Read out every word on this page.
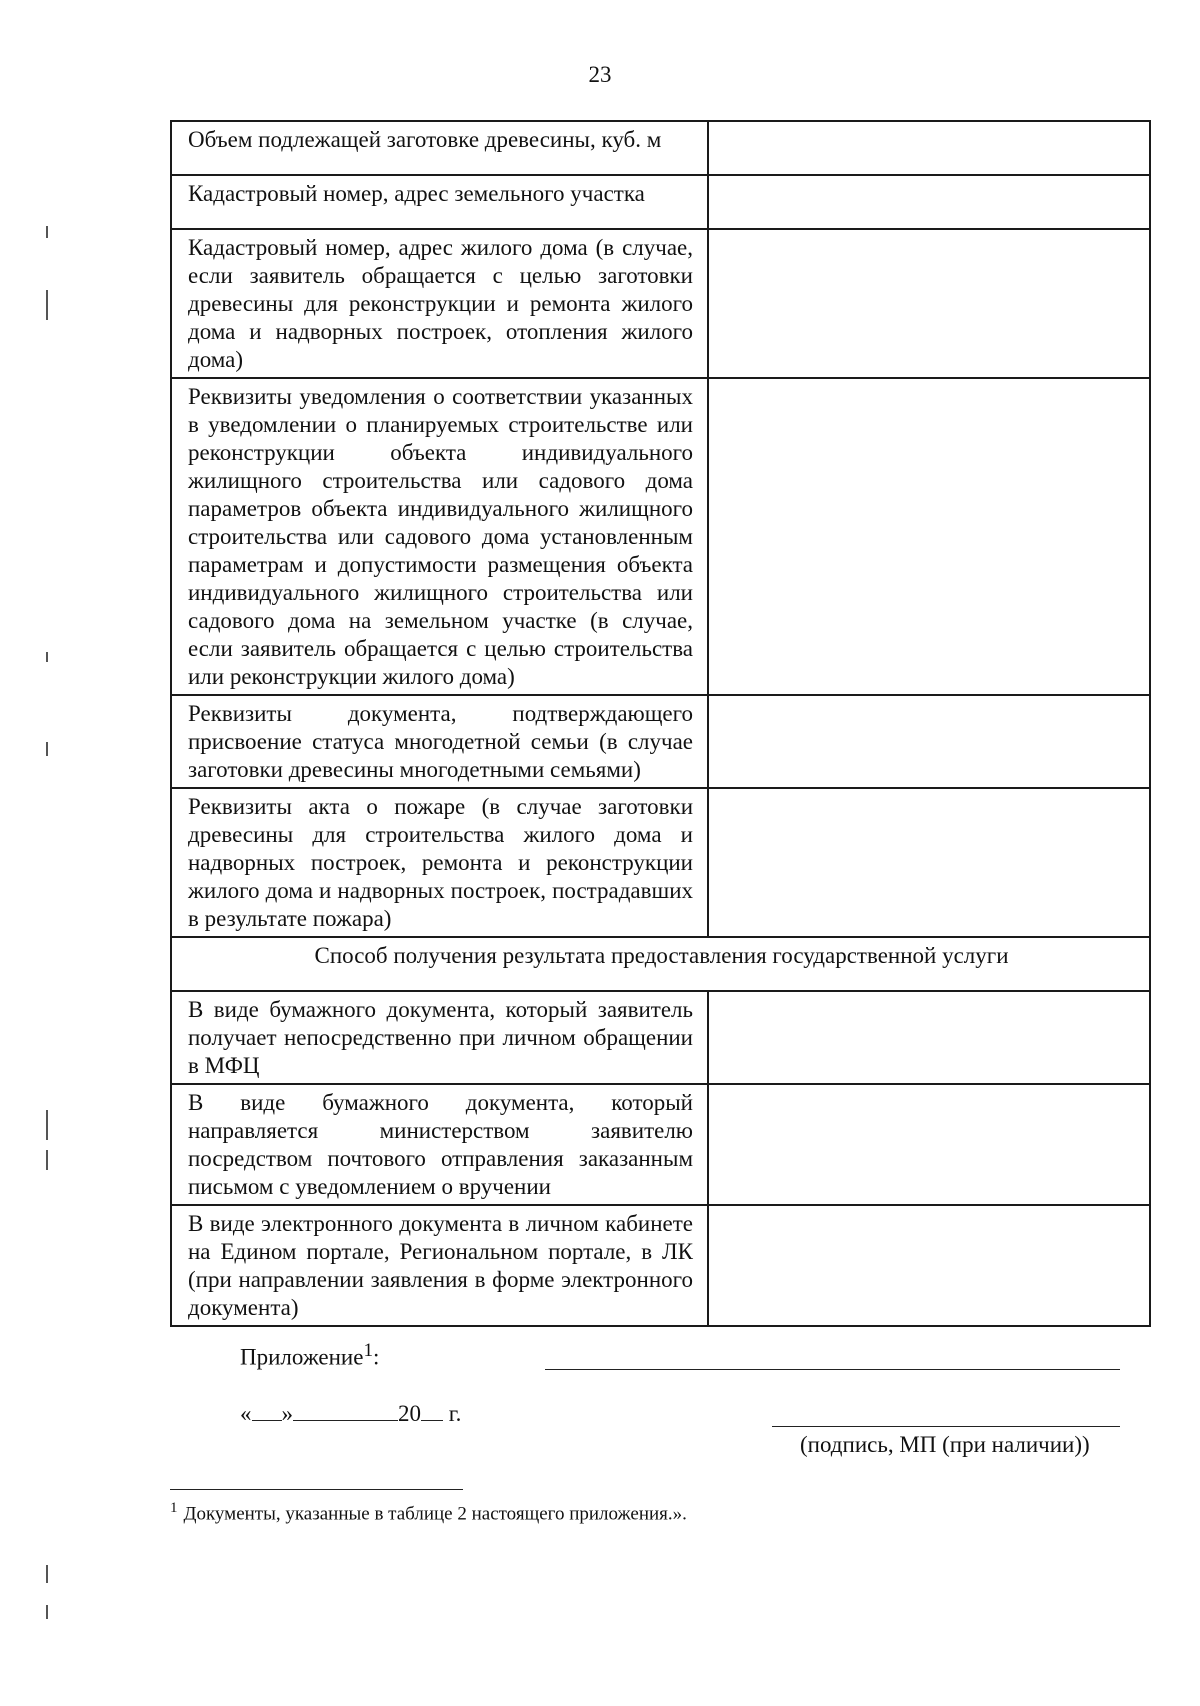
23
Объем подлежащей заготовке древесины, куб. м	
Кадастровый номер, адрес земельного участка	
Кадастровый номер, адрес жилого дома (в случае, если заявитель обращается с целью заготовки древесины для реконструкции и ремонта жилого дома и надворных построек, отопления жилого дома)	
Реквизиты уведомления о соответствии указанных в уведомлении о планируемых строительстве или реконструкции объекта индивидуального жилищного строительства или садового дома параметров объекта индивидуального жилищного строительства или садового дома установленным параметрам и допустимости размещения объекта индивидуального жилищного строительства или садового дома на земельном участке (в случае, если заявитель обращается с целью строительства или реконструкции жилого дома)	
Реквизиты документа, подтверждающего присвоение статуса многодетной семьи (в случае заготовки древесины многодетными семьями)	
Реквизиты акта о пожаре (в случае заготовки древесины для строительства жилого дома и надворных построек, ремонта и реконструкции жилого дома и надворных построек, пострадавших в результате пожара)	
Способ получения результата предоставления государственной услуги	
В виде бумажного документа, который заявитель получает непосредственно при личном обращении в МФЦ	
В виде бумажного документа, который направляется министерством заявителю посредством почтового отправления заказанным письмом с уведомлением о вручении	
В виде электронного документа в личном кабинете на Едином портале, Региональном портале, в ЛК (при направлении заявления в форме электронного документа)	
Приложение$^1$:
« »	20 г.
(подпись, МП (при наличии))
$^1$ Документы, указанные в таблице 2 настоящего приложения.».
